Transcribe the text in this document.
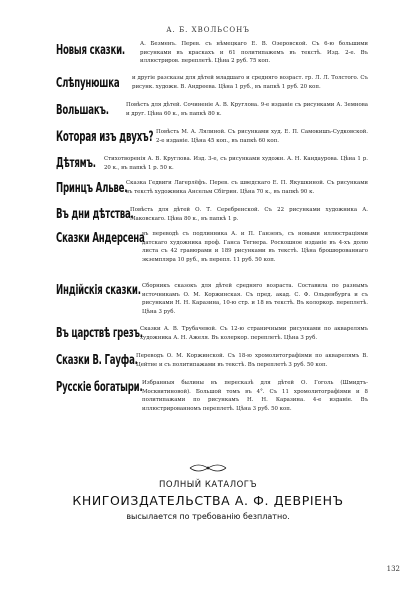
А. Б. ХВОЛЬСОНЪ
Новыя сказки.	А. Безменъ. Перев. съ нѣмецкаго Е. В. Озеровской. Съ 6-ю большими рисунками въ краскахъ и 61 политипажемъ въ текстѣ. Изд. 2-е. Въ иллюстриров. переплетѣ. Цѣна 2 руб. 75 коп.

Слѣпунюшка и другіе разсказы для дѣтей младшаго и средняго возраст. гр. Л. Л. Толстого. Съ рисунк. художн. В. Андреева. Цѣна 1 руб., въ папкѣ 1 руб. 20 коп.

Вольшакъ.	Повѣсть для дѣтей. Сочиненіе А. В. Круглова. 9-е изданіе съ рисунками А. Земнова и друг. Цѣна 60 к., въ папкѣ 80 к.

Которая изъ двухъ? Повѣсть М. А. Лялиной. Съ рисунками худ. Е. П. Самокишъ-Судковской. 2-е изданіе. Цѣна 45 коп., въ папкѣ 60 коп.

Дѣтямъ. Стихотворенія А. В. Круглова. Изд. 3-е, съ рисунками художн. А. Н. Кандаурова. Цѣна 1 р. 20 к., въ папкѣ 1 р. 50 к.

Принцъ Альве.

Сказка Гедвиги Лагерлёфъ. Перев. съ шведскаго Е. П. Якушкиной. Съ рисунками въ текстѣ художника Ансельм Сбігрин. Цѣна 70 к., въ папкѣ 90 к.

Въ дни дѣтства.

Повѣсть для дѣтей О. Т. Серебренской. Съ 22 рисунками художника А. Маковскаго. Цѣна 80 к., въ папкѣ 1 р.

Сказки Андерсена

въ переводѣ съ подлинника А. и П. Ганзенъ, съ новыми иллюстраціями датскаго художника проф. Ганса Тегнера. Роскошное изданіе въ 4-хъ долю листа съ 42 гравюрами и 189 рисунками въ текстѣ. Цѣна брошюрованнаго экземпляра 10 руб., въ перепл. 11 руб. 50 коп.

Индійскія сказки. Сборникъ сказокъ для дѣтей средняго возраста. Составила по разнымъ источникамъ О. М. Коржинская. Съ пред. акад. С. Ф. Ольденбурга и съ рисунками Н. Н. Каразина, 10-ю стр. и 18 въ текстѣ. Въ колоркор. переплетѣ. Цѣна 3 руб.

Въ царствѣ грезъ.

Сказки А. В. Трубачевой. Съ 12-ю страничными рисунками по акварелямъ художника А. Н. Ажеля. Въ колеркор. переплетѣ. Цѣна 3 руб.

Сказки В. Гауфа.

Переводъ О. М. Коржинской. Съ 18-ю хромолитографіями по акварелямъ В. Цейтне и съ политипажами въ текстѣ. Въ переплетѣ 3 руб. 50 коп.

Русскіе богатыри. Избранныя былины въ пересказѣ для дѣтей О. Гоголь (Шмидтъ-Москвитиновой). Большой томъ въ 4°. Съ 11 хромолитографіями и 8 политипажами по рисункамъ Н. Н. Каразина. 4-е изданіе. Въ иллюстрированномъ переплетѣ. Цѣна 3 руб. 50 коп.

ПОЛНЫЙ КАТАЛОГЪ
КНИГОИЗДАТЕЛЬСТВА А. Ф. ДЕВРІЕНЪ
высылается по требованію безплатно.
132
